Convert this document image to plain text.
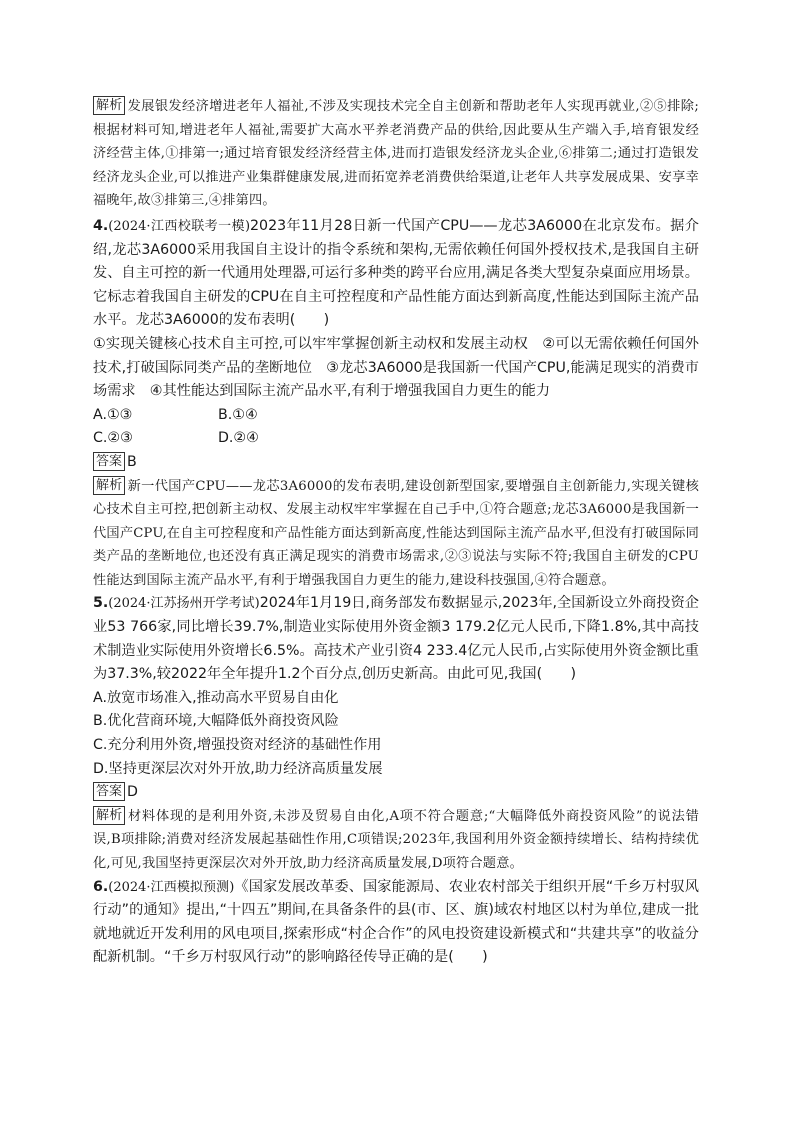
解析 发展银发经济增进老年人福祉,不涉及实现技术完全自主创新和帮助老年人实现再就业,②⑤排除;根据材料可知,增进老年人福祉,需要扩大高水平养老消费产品的供给,因此要从生产端入手,培育银发经济经营主体,①排第一;通过培育银发经济经营主体,进而打造银发经济龙头企业,⑥排第二;通过打造银发经济龙头企业,可以推进产业集群健康发展,进而拓宽养老消费供给渠道,让老年人共享发展成果、安享幸福晚年,故③排第三,④排第四。
4.(2024·江西校联考一模)2023年11月28日新一代国产CPU——龙芯3A6000在北京发布。据介绍,龙芯3A6000采用我国自主设计的指令系统和架构,无需依赖任何国外授权技术,是我国自主研发、自主可控的新一代通用处理器,可运行多种类的跨平台应用,满足各类大型复杂桌面应用场景。它标志着我国自主研发的CPU在自主可控程度和产品性能方面达到新高度,性能达到国际主流产品水平。龙芯3A6000的发布表明(　　)
①实现关键核心技术自主可控,可以牢牢掌握创新主动权和发展主动权　②可以无需依赖任何国外技术,打破国际同类产品的垄断地位　③龙芯3A6000是我国新一代国产CPU,能满足现实的消费市场需求　④其性能达到国际主流产品水平,有利于增强我国自力更生的能力
A.①③	B.①④
C.②③	D.②④
答案 B
解析 新一代国产CPU——龙芯3A6000的发布表明,建设创新型国家,要增强自主创新能力,实现关键核心技术自主可控,把创新主动权、发展主动权牢牢掌握在自己手中,①符合题意;龙芯3A6000是我国新一代国产CPU,在自主可控程度和产品性能方面达到新高度,性能达到国际主流产品水平,但没有打破国际同类产品的垄断地位,也还没有真正满足现实的消费市场需求,②③说法与实际不符;我国自主研发的CPU性能达到国际主流产品水平,有利于增强我国自力更生的能力,建设科技强国,④符合题意。
5.(2024·江苏扬州开学考试)2024年1月19日,商务部发布数据显示,2023年,全国新设立外商投资企业53 766家,同比增长39.7%,制造业实际使用外资金额3 179.2亿元人民币,下降1.8%,其中高技术制造业实际使用外资增长6.5%。高技术产业引资4 233.4亿元人民币,占实际使用外资金额比重为37.3%,较2022年全年提升1.2个百分点,创历史新高。由此可见,我国(　　)
A.放宽市场准入,推动高水平贸易自由化
B.优化营商环境,大幅降低外商投资风险
C.充分利用外资,增强投资对经济的基础性作用
D.坚持更深层次对外开放,助力经济高质量发展
答案 D
解析 材料体现的是利用外资,未涉及贸易自由化,A项不符合题意;“大幅降低外商投资风险”的说法错误,B项排除;消费对经济发展起基础性作用,C项错误;2023年,我国利用外资金额持续增长、结构持续优化,可见,我国坚持更深层次对外开放,助力经济高质量发展,D项符合题意。
6.(2024·江西模拟预测)《国家发展改革委、国家能源局、农业农村部关于组织开展“千乡万村驭风行动”的通知》提出,“十四五”期间,在具备条件的县(市、区、旗)域农村地区以村为单位,建成一批就地就近开发利用的风电项目,探索形成“村企合作”的风电投资建设新模式和“共建共享”的收益分配新机制。“千乡万村驭风行动”的影响路径传导正确的是(　　)
